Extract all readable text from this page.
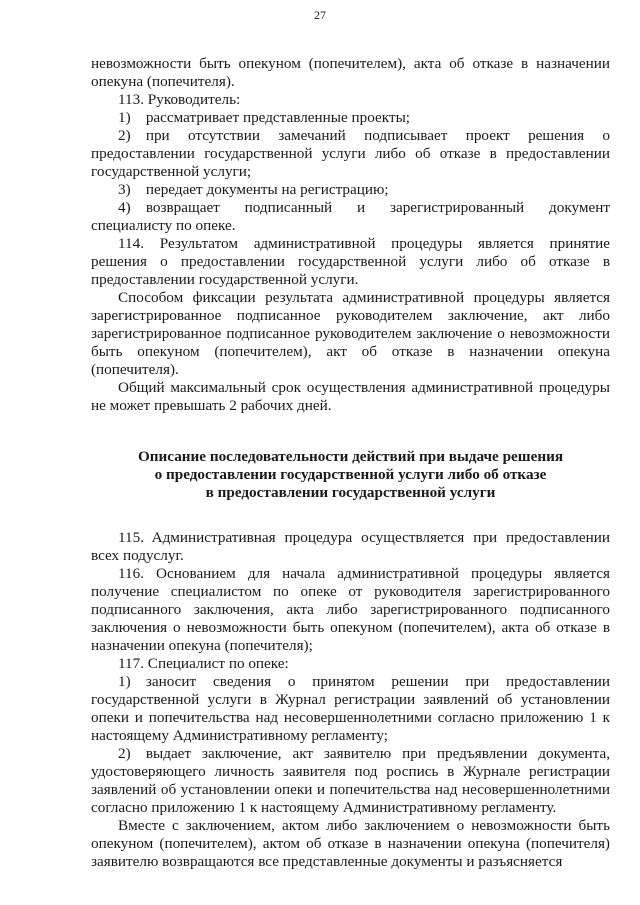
27

невозможности быть опекуном (попечителем), акта об отказе в назначении опекуна (попечителя).

113. Руководитель:

1) рассматривает представленные проекты;

2) при отсутствии замечаний подписывает проект решения о предоставлении государственной услуги либо об отказе в предоставлении государственной услуги;

3) передает документы на регистрацию;

4) возвращает подписанный и зарегистрированный документ специалисту по опеке.

114. Результатом административной процедуры является принятие решения о предоставлении государственной услуги либо об отказе в предоставлении государственной услуги.

Способом фиксации результата административной процедуры является зарегистрированное подписанное руководителем заключение, акт либо зарегистрированное подписанное руководителем заключение о невозможности быть опекуном (попечителем), акт об отказе в назначении опекуна (попечителя).

Общий максимальный срок осуществления административной процедуры не может превышать 2 рабочих дней.

Описание последовательности действий при выдаче решения
о предоставлении государственной услуги либо об отказе
в предоставлении государственной услуги

115. Административная процедура осуществляется при предоставлении всех подуслуг.

116. Основанием для начала административной процедуры является получение специалистом по опеке от руководителя зарегистрированного подписанного заключения, акта либо зарегистрированного подписанного заключения о невозможности быть опекуном (попечителем), акта об отказе в назначении опекуна (попечителя);

117. Специалист по опеке:

1) заносит сведения о принятом решении при предоставлении государственной услуги в Журнал регистрации заявлений об установлении опеки и попечительства над несовершеннолетними согласно приложению 1 к настоящему Административному регламенту;

2) выдает заключение, акт заявителю при предъявлении документа, удостоверяющего личность заявителя под роспись в Журнале регистрации заявлений об установлении опеки и попечительства над несовершеннолетними согласно приложению 1 к настоящему Административному регламенту.

Вместе с заключением, актом либо заключением о невозможности быть опекуном (попечителем), актом об отказе в назначении опекуна (попечителя) заявителю возвращаются все представленные документы и разъясняется
